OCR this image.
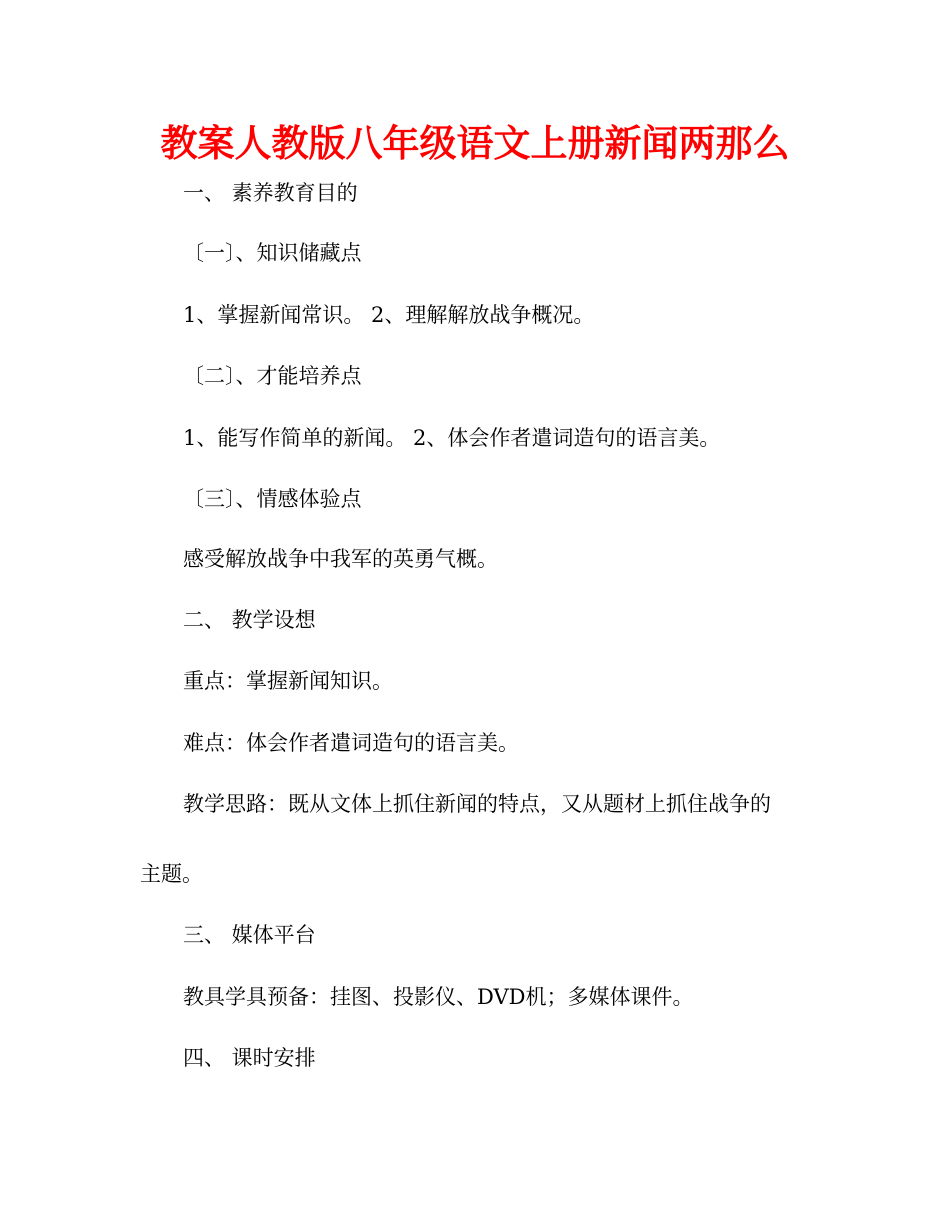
教案人教版八年级语文上册新闻两那么
一、 素养教育目的
〔一〕、知识储藏点
1、掌握新闻常识。 2、理解解放战争概况。
〔二〕、才能培养点
1、能写作简单的新闻。 2、体会作者遣词造句的语言美。
〔三〕、情感体验点
感受解放战争中我军的英勇气概。
二、 教学设想
重点：掌握新闻知识。
难点：体会作者遣词造句的语言美。
教学思路：既从文体上抓住新闻的特点，又从题材上抓住战争的
主题。
三、 媒体平台
教具学具预备：挂图、投影仪、DVD机；多媒体课件。
四、 课时安排
